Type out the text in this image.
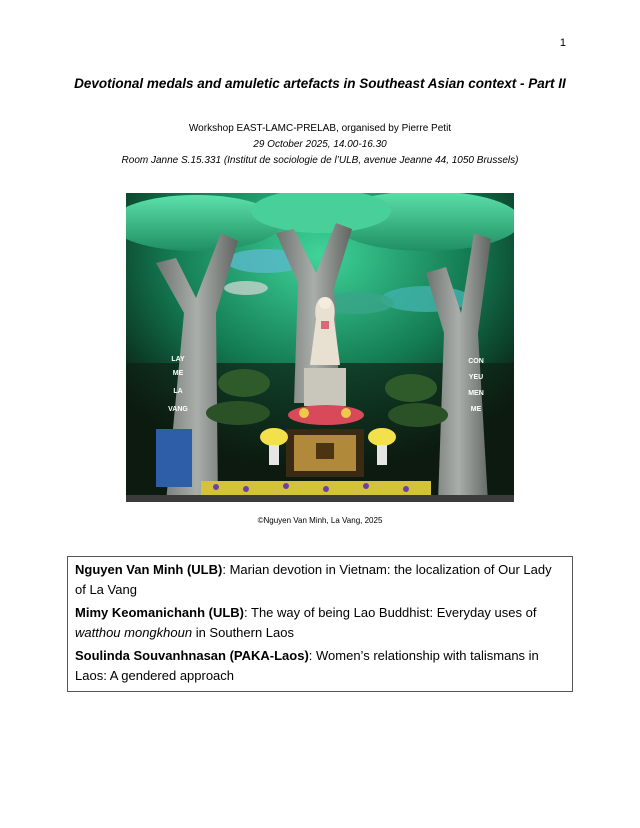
1
Devotional medals and amuletic artefacts in Southeast Asian context - Part II
Workshop EAST-LAMC-PRELAB, organised by Pierre Petit
29 October 2025, 14.00-16.30
Room Janne S.15.331 (Institut de sociologie de l’ULB, avenue Jeanne 44, 1050 Brussels)
LAY
ME
LA
VANG
CON
YEU
MEN
ME
©Nguyen Van Minh, La Vang, 2025
Nguyen Van Minh (ULB): Marian devotion in Vietnam: the localization of Our Lady of La Vang
Mimy Keomanichanh (ULB): The way of being Lao Buddhist: Everyday uses of watthou mongkhoun in Southern Laos
Soulinda Souvanhnasan (PAKA-Laos): Women’s relationship with talismans in Laos: A gendered approach
